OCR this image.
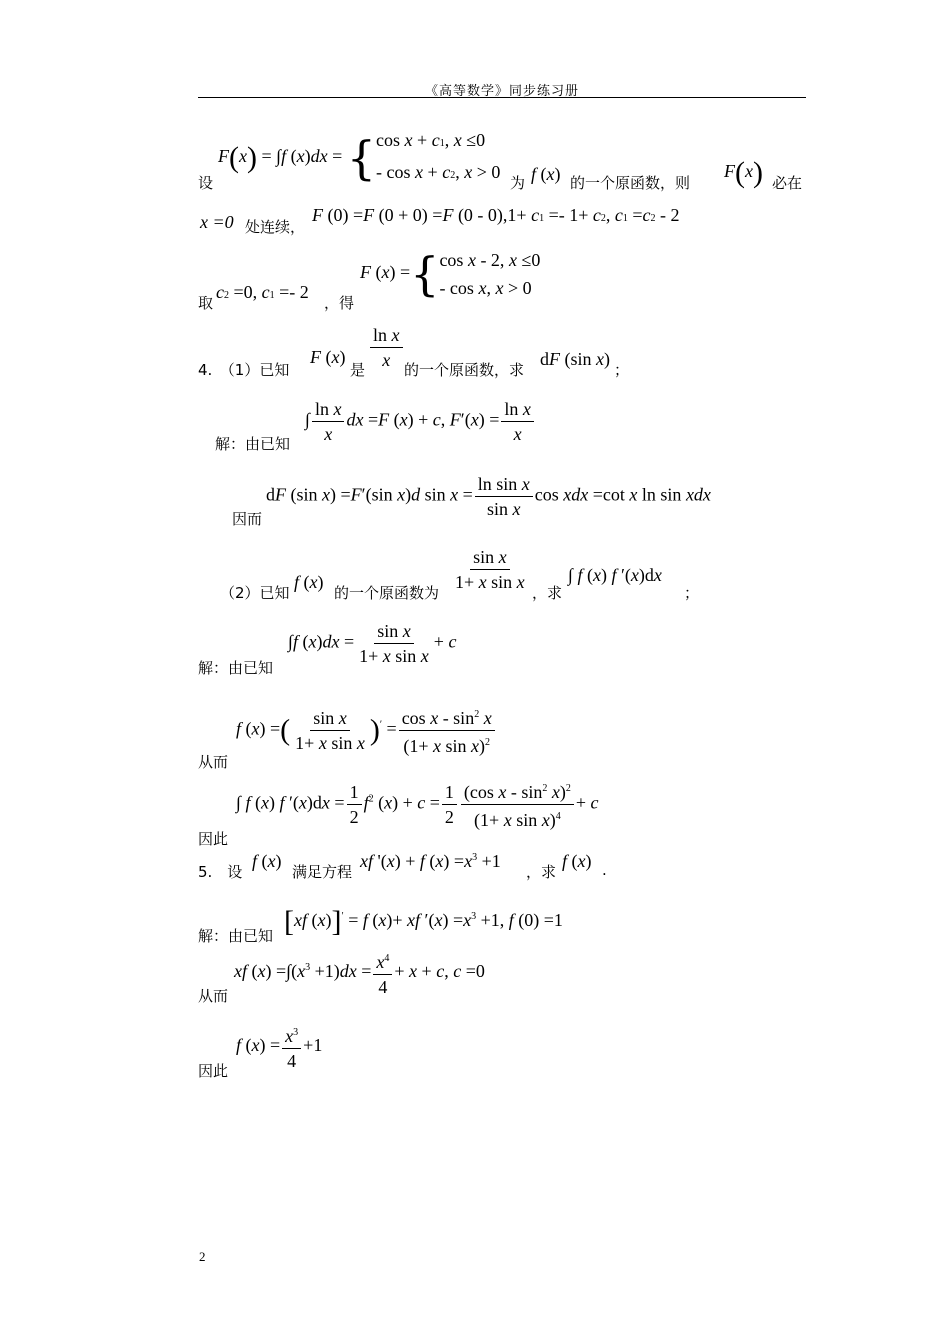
《高等数学》同步练习册
设
F(x) = ∫f (x)dx = { cos x + c1, x ≤0
- cos x + c2, x > 0
为 f (x) 的一个原函数，则
F(x) 必在
x =0 处连续，
F (0) =F (0 + 0) =F (0 - 0),1+ c1 =- 1+ c2, c1 =c2 - 2
取
c2 =0, c1 =- 2
，得
F (x) ={ cos x - 2, x ≤0
- cos x, x > 0
4.　（1）已知
F (x)
是 $\frac{\text{ln x}}{x}$ 的一个原函数，求
dF (sin x)
；
解：由已知
∫ $\frac{\text{ln x}}{x}$ dx =F (x) + c, $F'(x) = \frac{\text{ln x}}{x}$
因而
dF (sin x) =F′(sin x)d $\sin x = \frac{\text{ln sin x}}{\text{sin x}}$ cos xdx =cot x ln sin xdx
（2）已知
f (x)
的一个原函数为 $\frac{\text{sin x}}{\text{1+ x sin x}}$ ，求
∫ f (x) f ′(x)dx
；
解：由已知
∫f $(x)dx = \frac{\text{sin x}}{\text{1+ x sin x}} + c$
从而
f (x) =( $\frac{\text{sin x}}{\text{1+ x sin x}} )' = \frac{\cos x - \sin^2 x}{(1+ x \sin x)^2}$
因此
∫ f (x) f $'(x)dx = \frac{1}{2} f^2$ $(x) + c = \frac{1}{2} \frac{(\cos x - \sin^2 x)^2}{(1+ x \sin x)^4} + c$
5.　设
f (x)
满足方程
xf '(x) + f $(x) =x^3 +1$
，求
f (x) .
解：由已知 [xf (x)]′ = f (x)+ xf $'(x) =x^3 +1$, f (0) =1
从而
xf $(x) =\int(x^3 +1)dx = \frac{x^4}{4} + x + c$, c =0
因此
f $(x) = \frac{x^3}{4} +1$
2
